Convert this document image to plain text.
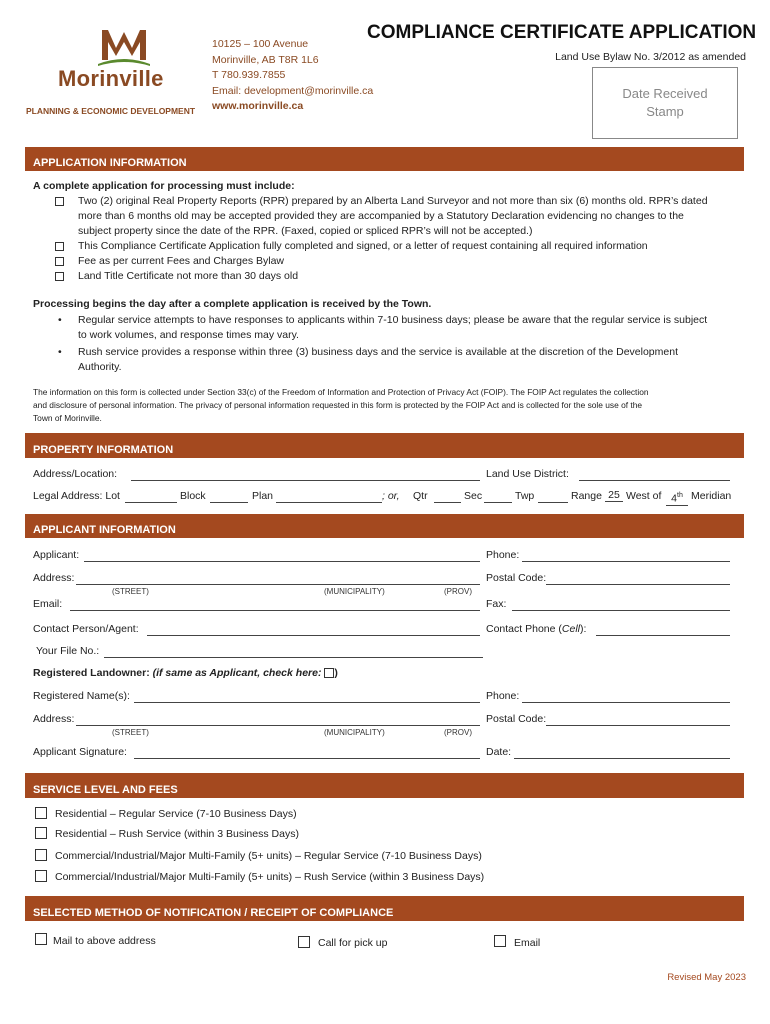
Morinville
PLANNING & ECONOMIC DEVELOPMENT
10125 – 100 Avenue
Morinville, AB T8R 1L6
T 780.939.7855
Email: development@morinville.ca
www.morinville.ca
COMPLIANCE CERTIFICATE APPLICATION
Land Use Bylaw No. 3/2012 as amended
Date Received
Stamp
APPLICATION INFORMATION
A complete application for processing must include:
Two (2) original Real Property Reports (RPR) prepared by an Alberta Land Surveyor and not more than six (6) months old. RPR’s dated
more than 6 months old may be accepted provided they are accompanied by a Statutory Declaration evidencing no changes to the
subject property since the date of the RPR. (Faxed, copied or spliced RPR’s will not be accepted.)
This Compliance Certificate Application fully completed and signed, or a letter of request containing all required information
Fee as per current Fees and Charges Bylaw
Land Title Certificate not more than 30 days old
Processing begins the day after a complete application is received by the Town.
• Regular service attempts to have responses to applicants within 7-10 business days; please be aware that the regular service is subject
to work volumes, and response times may vary.
• Rush service provides a response within three (3) business days and the service is available at the discretion of the Development
Authority.
The information on this form is collected under Section 33(c) of the Freedom of Information and Protection of Privacy Act (FOIP). The FOIP Act regulates the collection
and disclosure of personal information. The privacy of personal information requested in this form is protected by the FOIP Act and is collected for the sole use of the
Town of Morinville.
PROPERTY INFORMATION
Address/Location:	Land Use District:
Legal Address: Lot	Block	Plan	; or, Qtr	Sec	Twp	Range 25 West of 4th Meridian
APPLICANT INFORMATION
Applicant:	Phone:
Address:	Postal Code:
(STREET)	(MUNICIPALITY)	(PROV)
Email:	Fax:
Contact Person/Agent:	Contact Phone (Cell):
Your File No.:
Registered Landowner: (if same as Applicant, check here: )
Registered Name(s):	Phone:
Address:	Postal Code:
(STREET)	(MUNICIPALITY)	(PROV)
Applicant Signature:	Date:
SERVICE LEVEL AND FEES
Residential – Regular Service (7-10 Business Days)
Residential – Rush Service (within 3 Business Days)
Commercial/Industrial/Major Multi-Family (5+ units) – Regular Service (7-10 Business Days)
Commercial/Industrial/Major Multi-Family (5+ units) – Rush Service (within 3 Business Days)
SELECTED METHOD OF NOTIFICATION / RECEIPT OF COMPLIANCE
Mail to above address	Call for pick up	Email
Revised May 2023
